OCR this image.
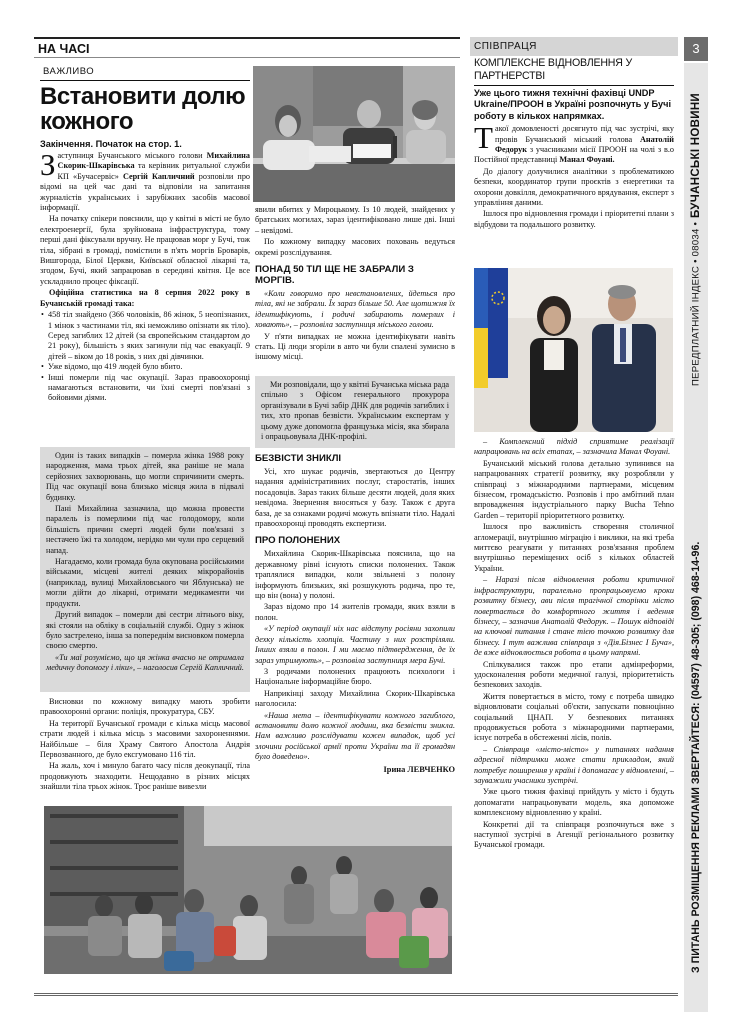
НА ЧАСІ	СПІВПРАЦЯ	3
ПЕРЕДПЛАТНИЙ ІНДЕКС • 08034 •

БУЧАНСЬКІ НОВИНИ
З ПИТАНЬ РОЗМІЩЕННЯ РЕКЛАМИ ЗВЕРТАЙТЕСЯ: (04597) 48-305; (098) 468-14-96.
ВАЖЛИВО
Встановити долю
кожного
Закінчення. Початок на стор. 1.
Заступниця Бучанського міського голови Михайлина Скорик-Шкарівська та керівник ритуальної служби КП «Бучасервіс» Сергій Капличний розповіли про відомі на цей час дані та відповіли на запитання журналістів українських і зарубіжних засобів масової інформації.
На початку спікери пояснили, що у квітні в місті не було електроенергії, була зруйнована інфраструктура, тому перші дані фіксували вручну. Не працював морг у Бучі, тож тіла, зібрані в громаді, помістили в п'ять моргів Броварів, Вишгорода, Білої Церкви, Київської обласної лікарні та, згодом, Бучі, який запрацював в середині квітня. Це все ускладнило процес фіксації.
Офіційна статистика на 8 серпня 2022 року в Бучанській громаді така:
• 458 тіл знайдено (366 чоловіків, 86 жінок, 5 неопізнаних, 1 мінок з частинами тіл, які неможливо опізнати як тіло). Серед загиблих 12 дітей (за європейським стандартом до 21 року), більшість з яких загинули під час евакуації. 9 дітей – віком до 18 років, з них дві дівчинки.
• Уже відомо, що 419 людей було вбито.
• Інші померли під час окупації. Зараз правоохоронці намагаються встановити, чи їхні смерті пов'язані з бойовими діями.
Один із таких випадків – померла жінка 1988 року народження, мама трьох дітей, яка раніше не мала серйозних захворювань, що могли спричинити смерть. Під час окупації вона близько місяця жила в підвалі будинку.
Пані Михайлина зазначила, що можна провести паралель із померлими під час голодомору, коли більшість причин смерті людей були пов'язані з нестачею їжі та холодом, нерідко ми чули про серцевий напад.
Нагадаємо, коли громада була окупована російськими військами, місцеві жителі деяких мікрорайонів (наприклад, вулиці Михайловського чи Яблунська) не могли дійти до лікарні, отримати медикаменти чи продукти.
Другий випадок – померли дві сестри літнього віку, які стояли на обліку в соціальній службі. Одну з жінок було застрелено, інша за попереднім висновком померла своєю смертю.
«Ти маї розуміємо, що ця жінка вчасно не отримала медичну допомогу і ліки», – наголосив Сергій Капличний.
Висновки по кожному випадку мають зробити правоохоронні органи: поліція, прокуратура, СБУ.
На території Бучанської громади є кілька місць масової страти людей і кілька місць з масовими захороненнями. Найбільше – біля Храму Святого Апостола Андрія Первозванного, де було ексгумовано 116 тіл.
На жаль, хоч і минуло багато часу після деокупації, тіла продовжують знаходити. Нещодавно в різних місцях знайшли тіла трьох жінок. Троє раніше вивезли
явили вбитих у Мироцькому. Із 10 людей, знайдених у братських могилах, зараз ідентифіковано лише дві. Інші – невідомі.
По кожному випадку масових поховань ведуться окремі розслідування.
ПОНАД 50 ТІЛ ЩЕ НЕ ЗАБРАЛИ З МОРГІВ.
«Коли говоримо про невстановлених, йдеться про тіла, які не забрали. Їх зараз більше 50. Але щотижня їх ідентифікують, і родичі забирають померлих і ховають», – розповіла заступниця міського голови.
У п'яти випадках не можна ідентифікувати навіть стать. Ці люди згоріли в авто чи були спалені зумисно в іншому місці.
Ми розповідали, що у квітні Бучанська міська рада спільно з Офісом генерального прокурора організували в Бучі забір ДНК для родичів загиблих і тих, хто пропав безвісти. Українським експертам у цьому дуже допомогла французька місія, яка збирала і опрацьовувала ДНК-профілі.
БЕЗВІСТИ ЗНИКЛІ
Усі, хто шукає родичів, звертаються до Центру надання адміністративних послуг, старостатів, інших посадовців. Зараз таких більше десяти людей, доля яких невідома. Звернення вносяться у базу. Також є друга база, де за ознаками родичі можуть впізнати тіло. Надалі правоохоронці проводять експертизи.
ПРО ПОЛОНЕНИХ
Михайлина Скорик-Шкарівська пояснила, що на державному рівні існують списки полонених. Також траплялися випадки, коли звільнені з полону інформують близьких, які розшукують родича, про те, що він (вона) у полоні.
Зараз відомо про 14 жителів громади, яких взяли в полон.
«У період окупації ніх нас відступу росіяни захопили дехку кількість хлопців. Частину з них розстріляли. Інших взяли в полон. І ми маємо підтвердження, де їх зараз утримують», – розповіла заступниця мера Бучі.
З родичами полонених працюють психологи і Національне інформаційне бюро.
Наприкінці заходу Михайлина Скорик-Шкарівська наголосила:
«Наша мета – ідентифікувати кожного загиблого, встановити долю кожної людини, яка безвісти зникла. Нам важливо розслідувати кожен випадок, щоб усі злочини російської армії проти України та її громадян було доведено».
Ірина ЛЕВЧЕНКО
КОМПЛЕКСНЕ ВІДНОВЛЕННЯ У ПАРТНЕРСТВІ
Уже цього тижня технічні фахівці UNDP Ukraine/ПРООН в Україні розпочнуть у Бучі роботу в кількох напрямках.
Такої домовленості досягнуто під час зустрічі, яку провів Бучанський міський голова Анатолій Федорук з учасниками місії ПРООН на чолі з в.о Постійної представниці Манал Фоуані.
До діалогу долучилися аналітики з проблематикою безпеки, координатор групи проєктів з енергетики та охорони довкілля, демократичного врядування, експерт з управління даними.
Ішлося про відновлення громади і пріоритетні плани з відбудови та подальшого розвитку.
– Комплексний підхід сприятиме реалізації напрацювань на всіх етапах, – зазначила Манал Фоуані.
Бучанський міський голова детально зупинився на напрацюваннях стратегії розвитку, яку розробляли у співпраці з міжнародними партнерами, місцевим бізнесом, громадськістю. Розповів і про амбітний план впровадження індустріального парку Bucha Tehno Garden – території пріоритетного розвитку.
Ішлося про важливість створення столичної агломерації, внутрішню міграцію і виклики, на які треба миттєво реагувати у питаннях розв'язання проблем внутрішньо переміщених осіб з кількох областей України.
– Наразі після відновлення роботи критичної інфраструктури, паралельно пропрацьовуємо кроки розвитку бізнесу, ави після трагічної сторінки місто повертається до комфортного життя і ведення бізнесу, – зазначив Анатолій Федорук. – Пошук відповіді на ключові питання і стане тією точкою розвитку для бізнесу. І тут важлива співпраця з «Дія.Бізнес І Буча», де вже відновлюється робота в цьому напрямі.
Спілкувалися також про етапи адмінреформи, удосконалення роботи медичної галузі, пріоритетність безпекових заходів.
Життя повертається в місто, тому є потреба швидко відновлювати соціальні об'єкти, запускати повноцінно соціальний ЦНАП. У безпекових питаннях продовжується робота з міжнародними партнерами, існує потреба в обстеженні лісів, полів.
– Співпраця «місто-місто» у питаннях надання адресної підтримки може стати прикладом, який потребує поширення у країні і допомагає у відновленні, – зауважили учасники зустрічі.
Уже цього тижня фахівці прийдуть у місто і будуть допомагати напрацьовувати модель, яка допоможе комплексному відновленню у країні.
Конкретні дії та співпраця розпочнуться вже з наступної зустрічі в Агенції регіонального розвитку Бучанської громади.
